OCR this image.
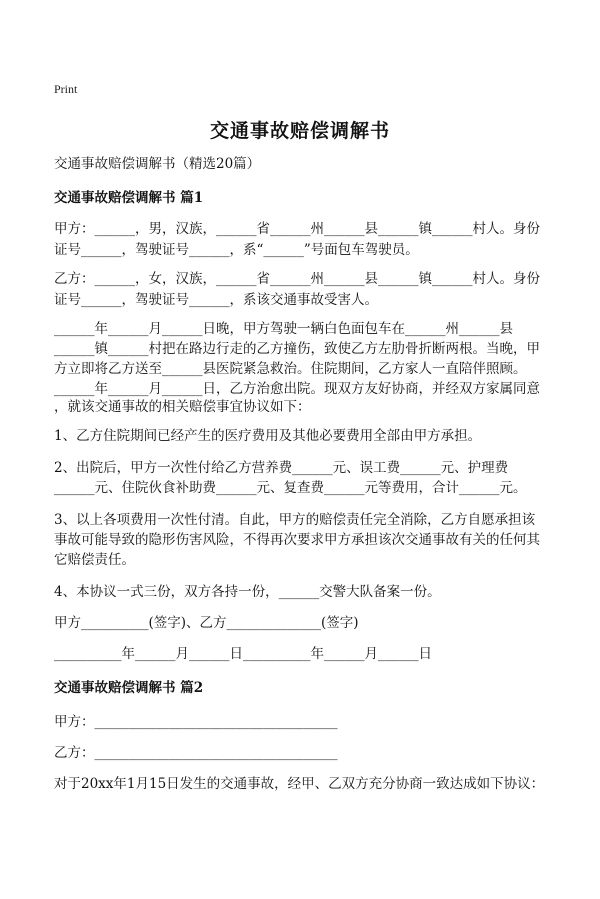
Print
交通事故赔偿调解书
交通事故赔偿调解书（精选20篇）
交通事故赔偿调解书 篇1
甲方：______，男，汉族，______省______州______县______镇______村人。身份
证号______，驾驶证号______，系“______”号面包车驾驶员。
乙方：______，女，汉族，______省______州______县______镇______村人。身份
证号______，驾驶证号______，系该交通事故受害人。
______年______月______日晚，甲方驾驶一辆白色面包车在______州______县
______镇______村把在路边行走的乙方撞伤，致使乙方左肋骨折断两根。当晚，甲
方立即将乙方送至______县医院紧急救治。住院期间，乙方家人一直陪伴照顾。
______年______月______日，乙方治愈出院。现双方友好协商，并经双方家属同意
，就该交通事故的相关赔偿事宜协议如下：
1、乙方住院期间已经产生的医疗费用及其他必要费用全部由甲方承担。
2、出院后，甲方一次性付给乙方营养费______元、误工费______元、护理费
______元、住院伙食补助费______元、复查费______元等费用，合计______元。
3、以上各项费用一次性付清。自此，甲方的赔偿责任完全消除，乙方自愿承担该
事故可能导致的隐形伤害风险，不得再次要求甲方承担该次交通事故有关的任何其
它赔偿责任。
4、本协议一式三份，双方各持一份，______交警大队备案一份。
甲方__________(签字)、乙方______________(签字)
__________年______月______日__________年______月______日
交通事故赔偿调解书 篇2
甲方：____________________________________
乙方：____________________________________
对于20xx年1月15日发生的交通事故，经甲、乙双方充分协商一致达成如下协议：
